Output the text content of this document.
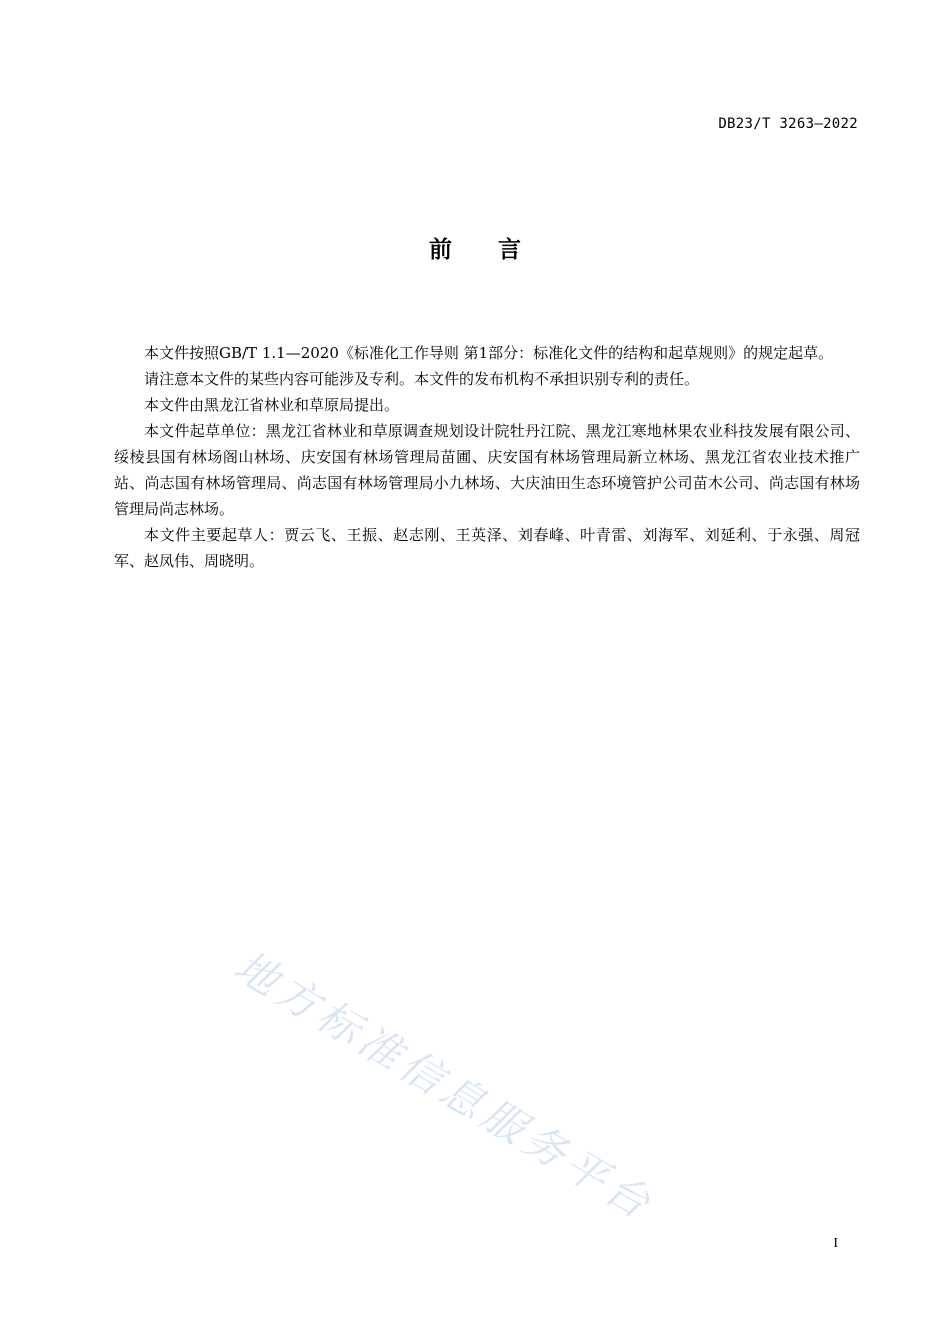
DB23/T 3263—2022
前言

本文件按照GB/T 1.1—2020《标准化工作导则 第1部分：标准化文件的结构和起草规则》的规定起草。

请注意本文件的某些内容可能涉及专利。本文件的发布机构不承担识别专利的责任。

本文件由黑龙江省林业和草原局提出。

本文件起草单位：黑龙江省林业和草原调查规划设计院牡丹江院、黑龙江寒地林果农业科技发展有限公司、绥棱县国有林场阁山林场、庆安国有林场管理局苗圃、庆安国有林场管理局新立林场、黑龙江省农业技术推广站、尚志国有林场管理局、尚志国有林场管理局小九林场、大庆油田生态环境管护公司苗木公司、尚志国有林场管理局尚志林场。

本文件主要起草人：贾云飞、王振、赵志刚、王英泽、刘春峰、叶青雷、刘海军、刘延利、于永强、周冠军、赵凤伟、周晓明。

地方标准信息服务平台
I
